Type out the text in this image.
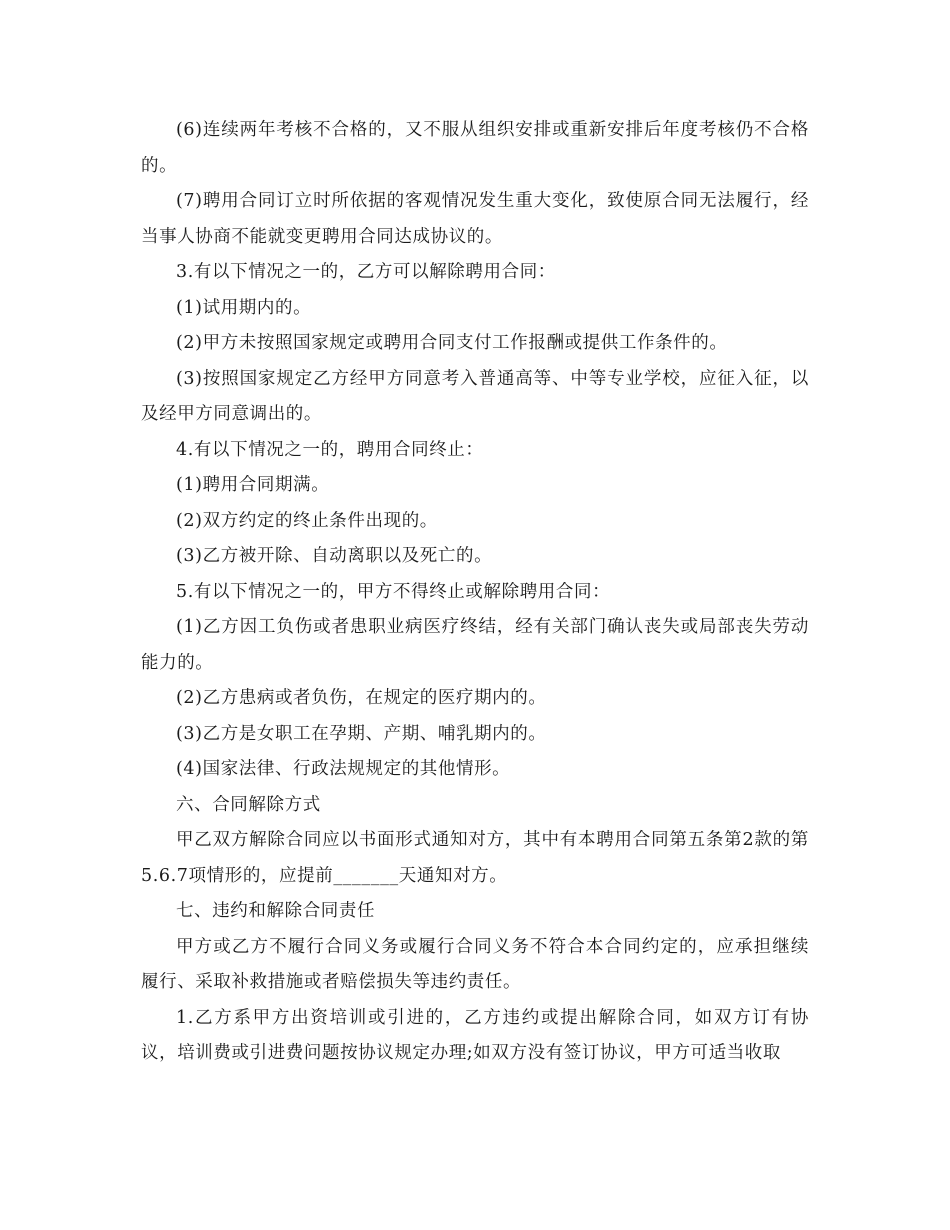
(6)连续两年考核不合格的，又不服从组织安排或重新安排后年度考核仍不合格的。

(7)聘用合同订立时所依据的客观情况发生重大变化，致使原合同无法履行，经当事人协商不能就变更聘用合同达成协议的。

3.有以下情况之一的，乙方可以解除聘用合同：

(1)试用期内的。

(2)甲方未按照国家规定或聘用合同支付工作报酬或提供工作条件的。

(3)按照国家规定乙方经甲方同意考入普通高等、中等专业学校，应征入征，以及经甲方同意调出的。

4.有以下情况之一的，聘用合同终止：

(1)聘用合同期满。

(2)双方约定的终止条件出现的。

(3)乙方被开除、自动离职以及死亡的。

5.有以下情况之一的，甲方不得终止或解除聘用合同：

(1)乙方因工负伤或者患职业病医疗终结，经有关部门确认丧失或局部丧失劳动能力的。

(2)乙方患病或者负伤，在规定的医疗期内的。

(3)乙方是女职工在孕期、产期、哺乳期内的。

(4)国家法律、行政法规规定的其他情形。

六、合同解除方式

甲乙双方解除合同应以书面形式通知对方，其中有本聘用合同第五条第2款的第5.6.7项情形的，应提前_______天通知对方。

七、违约和解除合同责任

甲方或乙方不履行合同义务或履行合同义务不符合本合同约定的，应承担继续履行、采取补救措施或者赔偿损失等违约责任。

1.乙方系甲方出资培训或引进的，乙方违约或提出解除合同，如双方订有协议，培训费或引进费问题按协议规定办理;如双方没有签订协议，甲方可适当收取
